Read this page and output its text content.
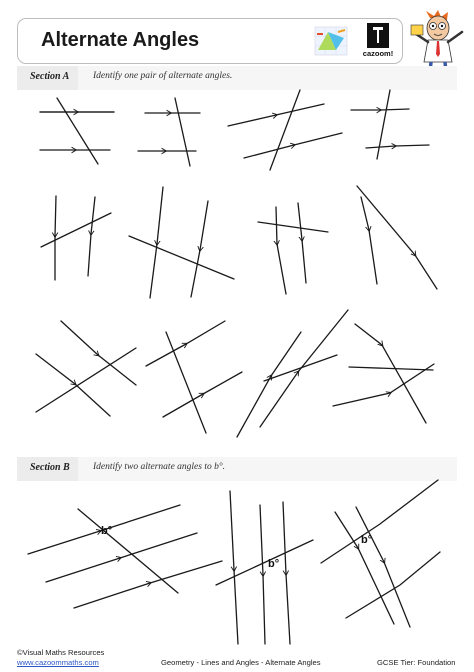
Alternate Angles
cazoom!
Section A Identify one pair of alternate angles.
Section B Identify two alternate angles to b°.
b°
b°
b°
©Visual Maths Resources
www.cazoommaths.com	Geometry - Lines and Angles - Alternate Angles	GCSE Tier: Foundation
